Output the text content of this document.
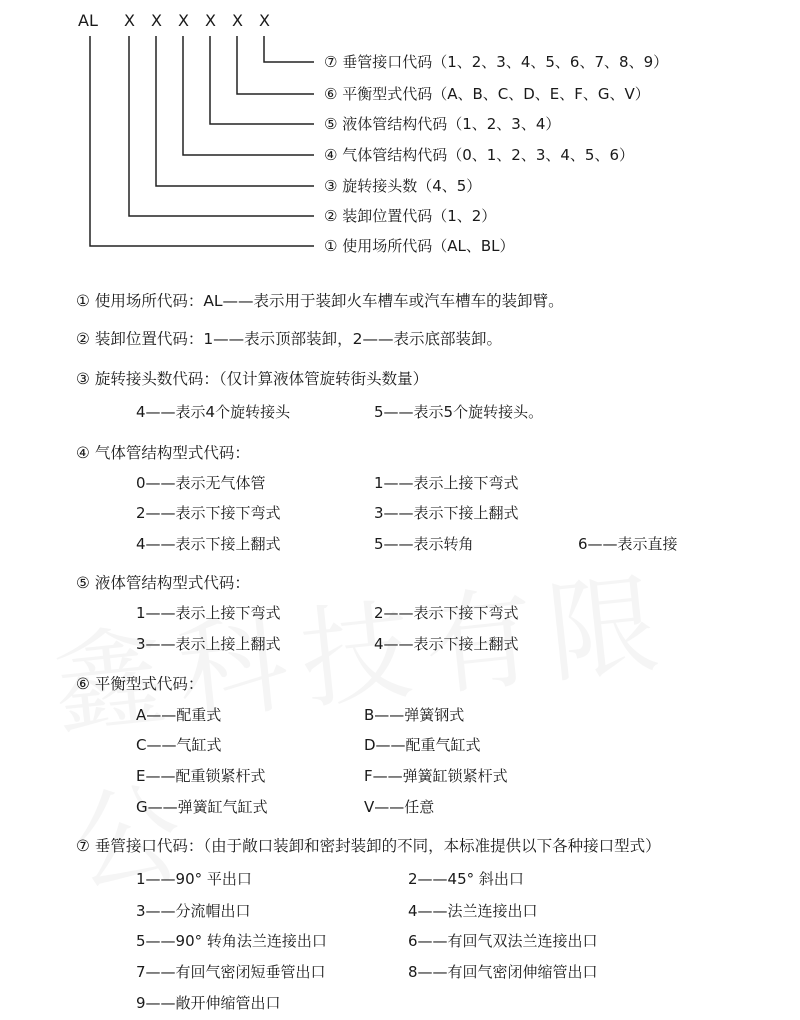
AL X X X X X X
⑦ 垂管接口代码（1、2、3、4、5、6、7、8、9）
⑥ 平衡型式代码（A、B、C、D、E、F、G、V）
⑤ 液体管结构代码（1、2、3、4）
④ 气体管结构代码（0、1、2、3、4、5、6）
③ 旋转接头数（4、5）
② 装卸位置代码（1、2）
① 使用场所代码（AL、BL）
① 使用场所代码：AL——表示用于装卸火车槽车或汽车槽车的装卸臂。
② 装卸位置代码：1——表示顶部装卸，2——表示底部装卸。
③ 旋转接头数代码：（仅计算液体管旋转街头数量）
4——表示4个旋转接头	5——表示5个旋转接头。
④ 气体管结构型式代码：
0——表示无气体管	1——表示上接下弯式
2——表示下接下弯式	3——表示下接上翻式
4——表示下接上翻式	5——表示转角	6——表示直接
⑤ 液体管结构型式代码：
1——表示上接下弯式	2——表示下接下弯式
3——表示上接上翻式	4——表示下接上翻式
⑥ 平衡型式代码：
A——配重式	B——弹簧钢式
C——气缸式	D——配重气缸式
E——配重锁紧杆式	F——弹簧缸锁紧杆式
G——弹簧缸气缸式	V——任意
⑦ 垂管接口代码：（由于敞口装卸和密封装卸的不同，本标准提供以下各种接口型式）
1——90° 平出口	2——45° 斜出口
3——分流帽出口	4——法兰连接出口
5——90° 转角法兰连接出口	6——有回气双法兰连接出口
7——有回气密闭短垂管出口	8——有回气密闭伸缩管出口
9——敞开伸缩管出口
